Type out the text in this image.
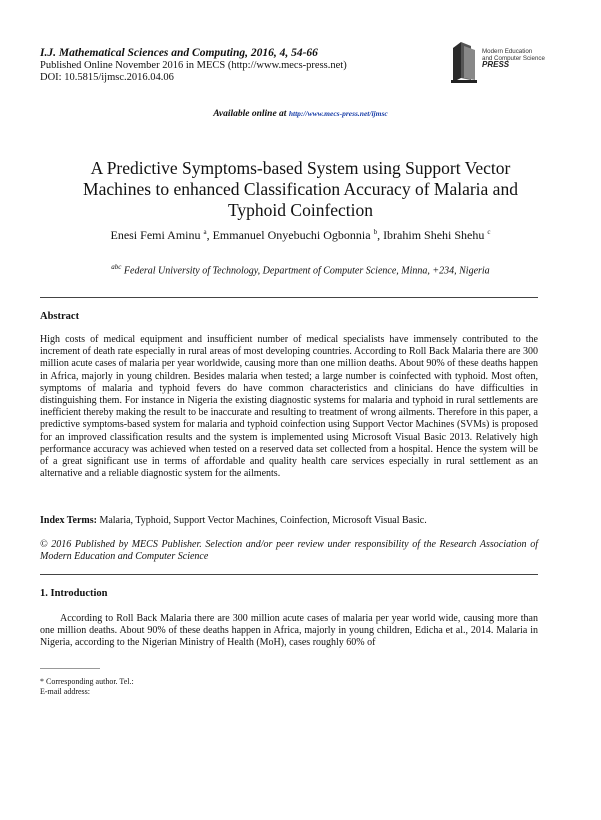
I.J. Mathematical Sciences and Computing, 2016, 4, 54-66
Published Online November 2016 in MECS (http://www.mecs-press.net)
DOI: 10.5815/ijmsc.2016.04.06
Modern Education
and Computer Science
PRESS
Available online at http://www.mecs-press.net/ijmsc
A Predictive Symptoms-based System using Support Vector Machines to enhanced Classification Accuracy of Malaria and Typhoid Coinfection
Enesi Femi Aminu $^a$, Emmanuel Onyebuchi Ogbonnia $^b$, Ibrahim Shehi Shehu $^c$
$^{abc}$ Federal University of Technology, Department of Computer Science, Minna, +234, Nigeria
Abstract
High costs of medical equipment and insufficient number of medical specialists have immensely contributed to the increment of death rate especially in rural areas of most developing countries. According to Roll Back Malaria there are 300 million acute cases of malaria per year worldwide, causing more than one million deaths. About 90% of these deaths happen in Africa, majorly in young children. Besides malaria when tested; a large number is coinfected with typhoid. Most often, symptoms of malaria and typhoid fevers do have common characteristics and clinicians do have difficulties in distinguishing them. For instance in Nigeria the existing diagnostic systems for malaria and typhoid in rural settlements are inefficient thereby making the result to be inaccurate and resulting to treatment of wrong ailments. Therefore in this paper, a predictive symptoms-based system for malaria and typhoid coinfection using Support Vector Machines (SVMs) is proposed for an improved classification results and the system is implemented using Microsoft Visual Basic 2013. Relatively high performance accuracy was achieved when tested on a reserved data set collected from a hospital. Hence the system will be of a great significant use in terms of affordable and quality health care services especially in rural settlement as an alternative and a reliable diagnostic system for the ailments.
Index Terms: Malaria, Typhoid, Support Vector Machines, Coinfection, Microsoft Visual Basic.
© 2016 Published by MECS Publisher. Selection and/or peer review under responsibility of the Research Association of Modern Education and Computer Science
1. Introduction
According to Roll Back Malaria there are 300 million acute cases of malaria per year world wide, causing more than one million deaths. About 90% of these deaths happen in Africa, majorly in young children, Edicha et al., 2014. Malaria in Nigeria, according to the Nigerian Ministry of Health (MoH), cases roughly 60% of
* Corresponding author. Tel.:
E-mail address:
